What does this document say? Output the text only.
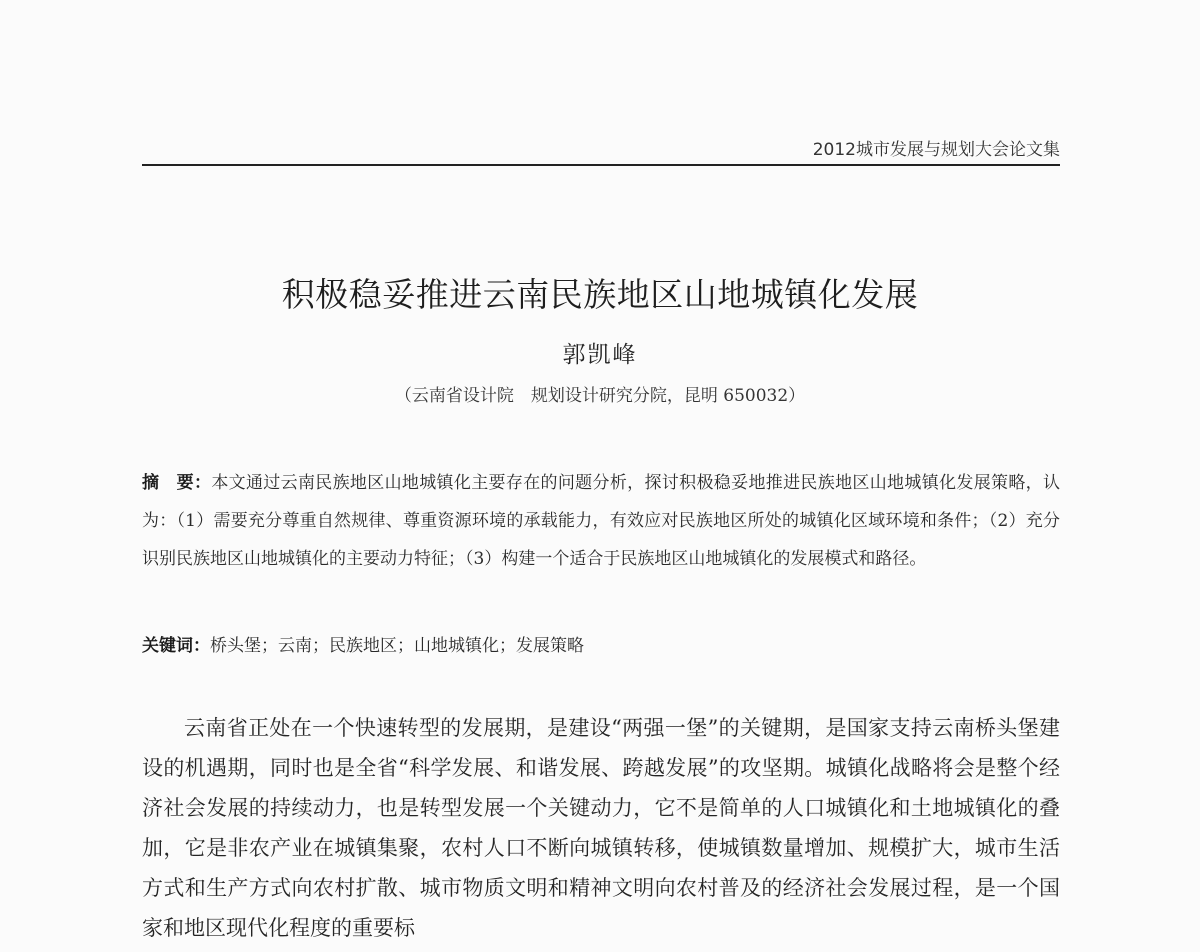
2012城市发展与规划大会论文集
积极稳妥推进云南民族地区山地城镇化发展
郭凯峰
（云南省设计院　规划设计研究分院，昆明 650032）
摘　要：本文通过云南民族地区山地城镇化主要存在的问题分析，探讨积极稳妥地推进民族地区山地城镇化发展策略，认为：（1）需要充分尊重自然规律、尊重资源环境的承载能力，有效应对民族地区所处的城镇化区域环境和条件；（2）充分识别民族地区山地城镇化的主要动力特征；（3）构建一个适合于民族地区山地城镇化的发展模式和路径。
关键词：桥头堡；云南；民族地区；山地城镇化；发展策略

云南省正处在一个快速转型的发展期，是建设“两强一堡”的关键期，是国家支持云南桥头堡建设的机遇期，同时也是全省“科学发展、和谐发展、跨越发展”的攻坚期。城镇化战略将会是整个经济社会发展的持续动力，也是转型发展一个关键动力，它不是简单的人口城镇化和土地城镇化的叠加，它是非农产业在城镇集聚，农村人口不断向城镇转移，使城镇数量增加、规模扩大，城市生活方式和生产方式向农村扩散、城市物质文明和精神文明向农村普及的经济社会发展过程，是一个国家和地区现代化程度的重要标
